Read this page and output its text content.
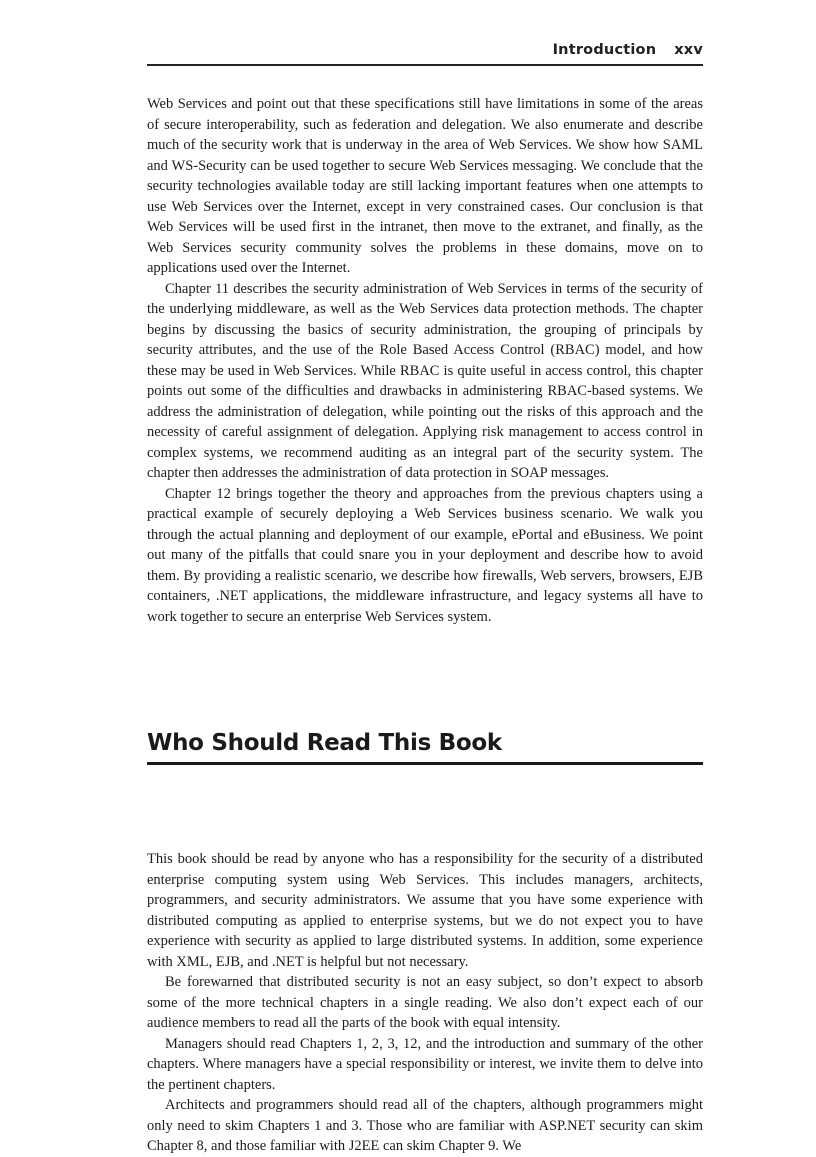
Introduction xxv

Web Services and point out that these specifications still have limitations in some of the areas of secure interoperability, such as federation and delegation. We also enumerate and describe much of the security work that is underway in the area of Web Services. We show how SAML and WS-Security can be used together to secure Web Services messaging. We conclude that the security technologies available today are still lacking important features when one attempts to use Web Services over the Internet, except in very constrained cases. Our conclusion is that Web Services will be used first in the intranet, then move to the extranet, and finally, as the Web Services security community solves the problems in these domains, move on to applications used over the Internet.

Chapter 11 describes the security administration of Web Services in terms of the security of the underlying middleware, as well as the Web Services data protection methods. The chapter begins by discussing the basics of security administration, the grouping of principals by security attributes, and the use of the Role Based Access Control (RBAC) model, and how these may be used in Web Services. While RBAC is quite useful in access control, this chapter points out some of the difficulties and drawbacks in administering RBAC-based systems. We address the administration of delegation, while pointing out the risks of this approach and the necessity of careful assignment of delegation. Applying risk management to access control in complex systems, we recommend auditing as an integral part of the security system. The chapter then addresses the administration of data protection in SOAP messages.

Chapter 12 brings together the theory and approaches from the previous chapters using a practical example of securely deploying a Web Services business scenario. We walk you through the actual planning and deployment of our example, ePortal and eBusiness. We point out many of the pitfalls that could snare you in your deployment and describe how to avoid them. By providing a realistic scenario, we describe how firewalls, Web servers, browsers, EJB containers, .NET applications, the middleware infrastructure, and legacy systems all have to work together to secure an enterprise Web Services system.

Who Should Read This Book

This book should be read by anyone who has a responsibility for the security of a distributed enterprise computing system using Web Services. This includes managers, architects, programmers, and security administrators. We assume that you have some experience with distributed computing as applied to enterprise systems, but we do not expect you to have experience with security as applied to large distributed systems. In addition, some experience with XML, EJB, and .NET is helpful but not necessary.

Be forewarned that distributed security is not an easy subject, so don’t expect to absorb some of the more technical chapters in a single reading. We also don’t expect each of our audience members to read all the parts of the book with equal intensity.

Managers should read Chapters 1, 2, 3, 12, and the introduction and summary of the other chapters. Where managers have a special responsibility or interest, we invite them to delve into the pertinent chapters.

Architects and programmers should read all of the chapters, although programmers might only need to skim Chapters 1 and 3. Those who are familiar with ASP.NET security can skim Chapter 8, and those familiar with J2EE can skim Chapter 9. We
